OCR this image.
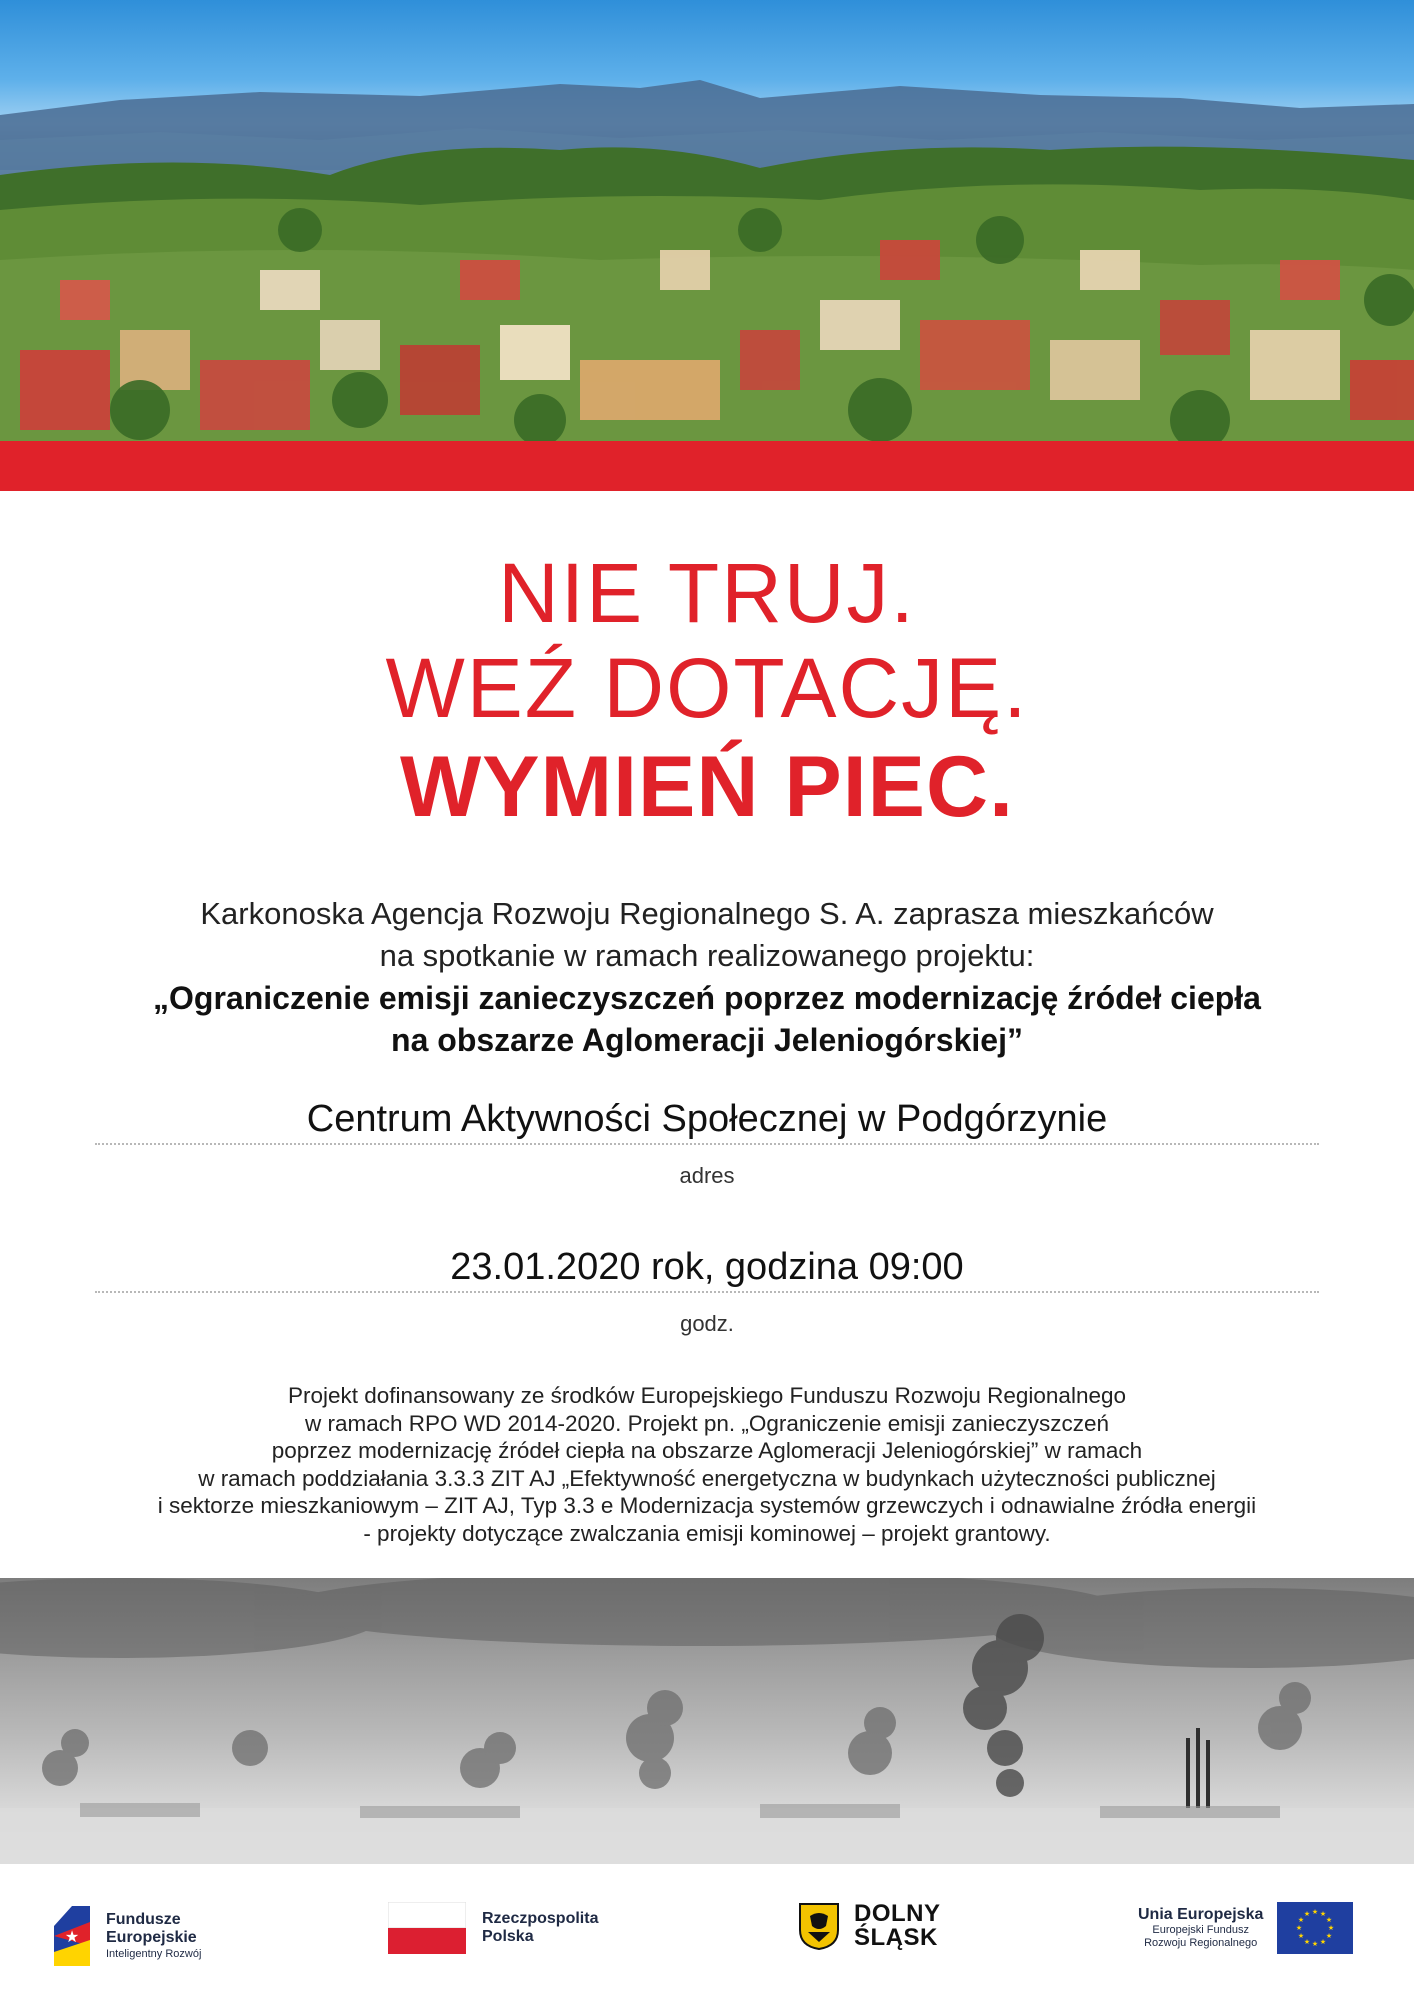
NIE TRUJ.
WEŹ DOTACJĘ.
WYMIEŃ PIEC.
Karkonoska Agencja Rozwoju Regionalnego S. A. zaprasza mieszkańców
na spotkanie w ramach realizowanego projektu:
„Ograniczenie emisji zanieczyszczeń poprzez modernizację źródeł ciepła
na obszarze Aglomeracji Jeleniogórskiej”
Centrum Aktywności Społecznej w Podgórzynie
adres
23.01.2020 rok, godzina 09:00
godz.
Projekt dofinansowany ze środków Europejskiego Funduszu Rozwoju Regionalnego
w ramach RPO WD 2014-2020. Projekt pn. „Ograniczenie emisji zanieczyszczeń
poprzez modernizację źródeł ciepła na obszarze Aglomeracji Jeleniogórskiej” w ramach
w ramach poddziałania 3.3.3 ZIT AJ „Efektywność energetyczna w budynkach użyteczności publicznej
i sektorze mieszkaniowym – ZIT AJ, Typ 3.3 e Modernizacja systemów grzewczych i odnawialne źródła energii
- projekty dotyczące zwalczania emisji kominowej – projekt grantowy.
★
Fundusze
Europejskie
Inteligentny Rozwój
Rzeczpospolita
Polska
DOLNY
ŚLĄSK
Unia Europejska
Europejski Fundusz
Rozwoju Regionalnego
★ ★
★
★
★
★
★
★
★
★
★
★
